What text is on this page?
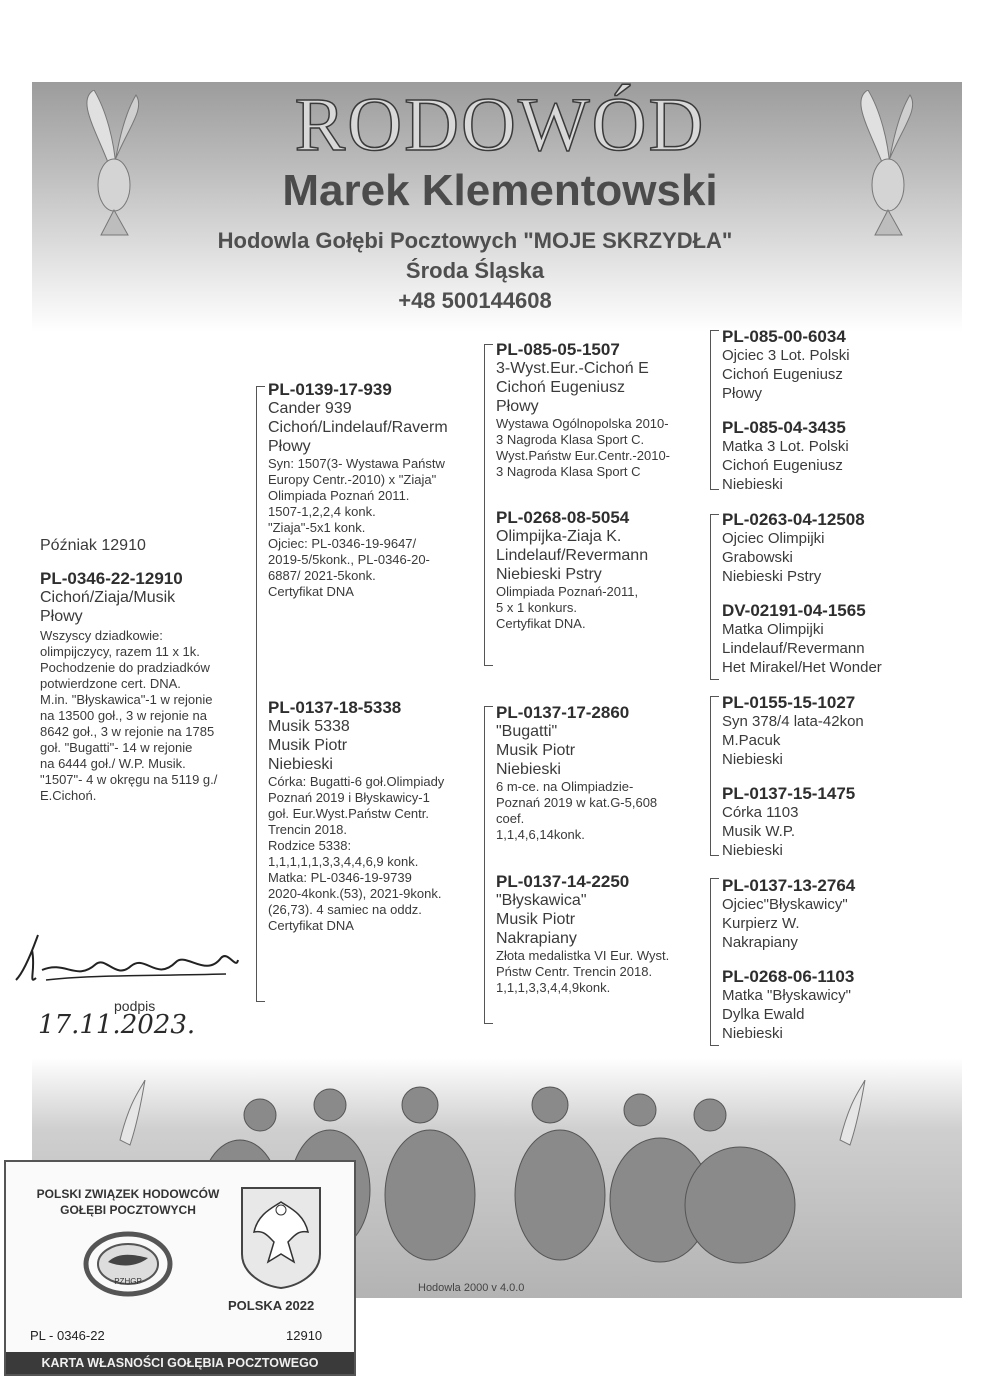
RODOWÓD
Marek Klementowski
Hodowla Gołębi Pocztowych "MOJE SKRZYDŁA"
Środa Śląska
+48 500144608
Późniak 12910
PL-0346-22-12910
Cichoń/Ziaja/Musik
Płowy
Wszyscy dziadkowie:
olimpijczycy, razem 11 x 1k.
Pochodzenie do pradziadków
potwierdzone cert. DNA.
M.in. "Błyskawica"-1 w rejonie
na 13500 goł., 3 w rejonie na
8642 goł., 3 w rejonie na 1785
goł. "Bugatti"- 14 w rejonie
na 6444 goł./ W.P. Musik.
"1507"- 4 w okręgu na 5119 g./
E.Cichoń.
PL-0139-17-939
Cander 939
Cichoń/Lindelauf/Raverm
Płowy
Syn: 1507(3- Wystawa Państw
Europy Centr.-2010) x "Ziaja"
Olimpiada Poznań 2011.
1507-1,2,2,4 konk.
"Ziaja"-5x1 konk.
Ojciec: PL-0346-19-9647/
2019-5/5konk., PL-0346-20-
6887/ 2021-5konk.
Certyfikat DNA
PL-0137-18-5338
Musik 5338
Musik Piotr
Niebieski
Córka: Bugatti-6 goł.Olimpiady
Poznań 2019 i Błyskawicy-1
goł. Eur.Wyst.Państw Centr.
Trencin 2018.
Rodzice 5338:
1,1,1,1,1,3,3,4,4,6,9 konk.
Matka: PL-0346-19-9739
2020-4konk.(53), 2021-9konk.
(26,73). 4 samiec na oddz.
Certyfikat DNA
PL-085-05-1507
3-Wyst.Eur.-Cichoń E
Cichoń Eugeniusz
Płowy
Wystawa Ogólnopolska 2010-
3 Nagroda Klasa Sport C.
Wyst.Państw Eur.Centr.-2010-
3 Nagroda Klasa Sport C
PL-0268-08-5054
Olimpijka-Ziaja K.
Lindelauf/Revermann
Niebieski Pstry
Olimpiada Poznań-2011,
5 x 1 konkurs.
Certyfikat DNA.
PL-0137-17-2860
"Bugatti"
Musik Piotr
Niebieski
6 m-ce. na Olimpiadzie-
Poznań 2019 w kat.G-5,608
coef.
1,1,4,6,14konk.
PL-0137-14-2250
"Błyskawica"
Musik Piotr
Nakrapiany
Złota medalistka VI Eur. Wyst.
Pństw Centr. Trencin 2018.
1,1,1,3,3,4,4,9konk.
PL-085-00-6034
Ojciec 3 Lot. Polski
Cichoń Eugeniusz
Płowy
PL-085-04-3435
Matka 3 Lot. Polski
Cichoń Eugeniusz
Niebieski
PL-0263-04-12508
Ojciec Olimpijki
Grabowski
Niebieski Pstry
DV-02191-04-1565
Matka Olimpijki
Lindelauf/Revermann
Het Mirakel/Het Wonder
PL-0155-15-1027
Syn 378/4 lata-42kon
M.Pacuk
Niebieski
PL-0137-15-1475
Córka 1103
Musik W.P.
Niebieski
PL-0137-13-2764
Ojciec"Błyskawicy"
Kurpierz W.
Nakrapiany
PL-0268-06-1103
Matka "Błyskawicy"
Dylka Ewald
Niebieski
podpis
17.11.2023.
Hodowla 2000 v 4.0.0
POLSKI ZWIĄZEK HODOWCÓW
GOŁĘBI POCZTOWYCH
PZHGP
POLSKA 2022
PL - 0346-22	12910
KARTA WŁASNOŚCI GOŁĘBIA POCZTOWEGO
